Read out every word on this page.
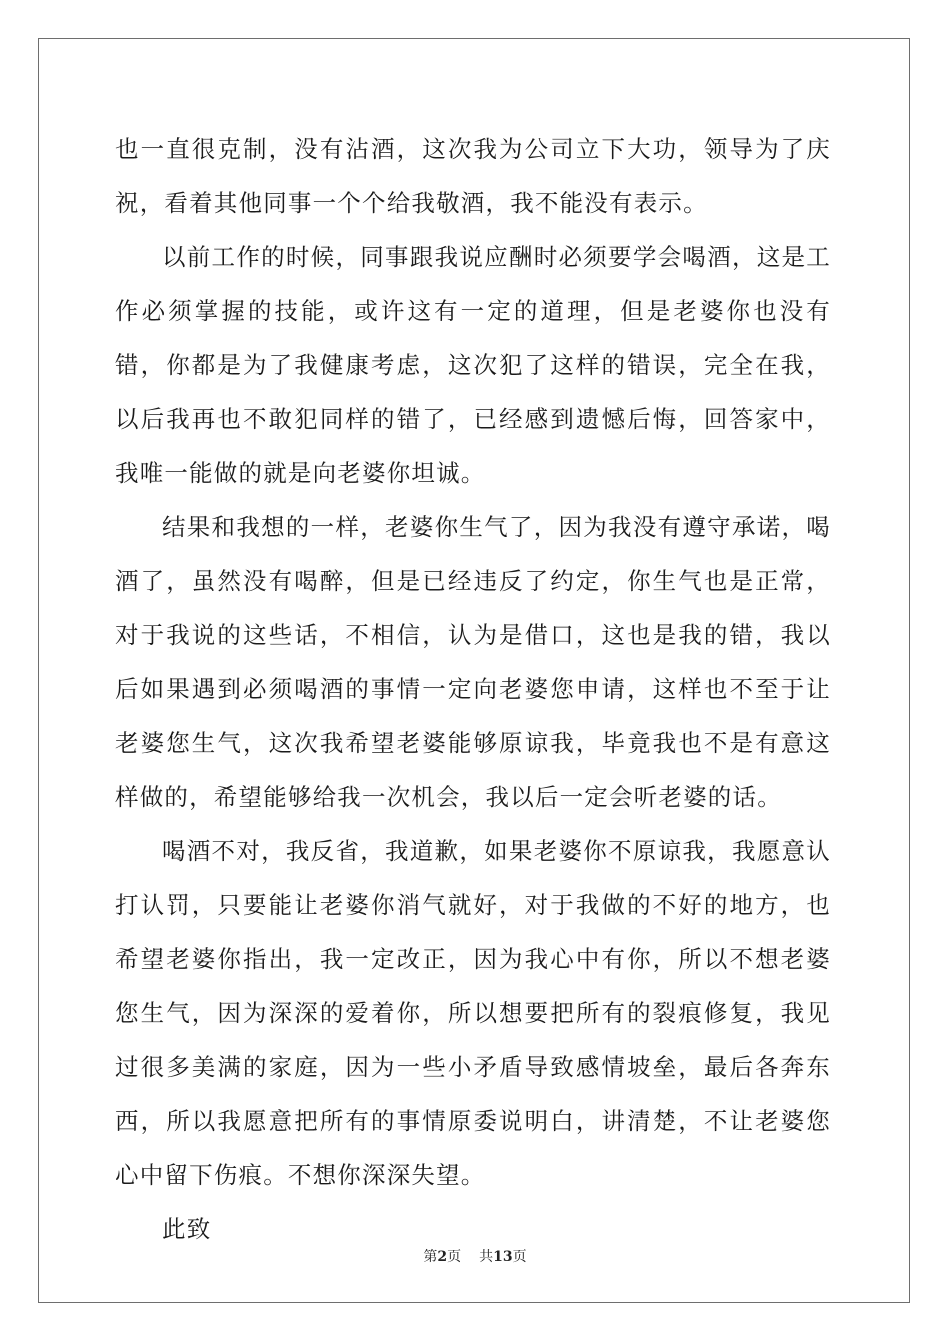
也一直很克制，没有沾酒，这次我为公司立下大功，领导为了庆祝，看着其他同事一个个给我敬酒，我不能没有表示。

以前工作的时候，同事跟我说应酬时必须要学会喝酒，这是工作必须掌握的技能，或许这有一定的道理，但是老婆你也没有错，你都是为了我健康考虑，这次犯了这样的错误，完全在我，以后我再也不敢犯同样的错了，已经感到遗憾后悔，回答家中，我唯一能做的就是向老婆你坦诚。

结果和我想的一样，老婆你生气了，因为我没有遵守承诺，喝酒了，虽然没有喝醉，但是已经违反了约定，你生气也是正常，对于我说的这些话，不相信，认为是借口，这也是我的错，我以后如果遇到必须喝酒的事情一定向老婆您申请，这样也不至于让老婆您生气，这次我希望老婆能够原谅我，毕竟我也不是有意这样做的，希望能够给我一次机会，我以后一定会听老婆的话。

喝酒不对，我反省，我道歉，如果老婆你不原谅我，我愿意认打认罚，只要能让老婆你消气就好，对于我做的不好的地方，也希望老婆你指出，我一定改正，因为我心中有你，所以不想老婆您生气，因为深深的爱着你，所以想要把所有的裂痕修复，我见过很多美满的家庭，因为一些小矛盾导致感情坡垒，最后各奔东西，所以我愿意把所有的事情原委说明白，讲清楚，不让老婆您心中留下伤痕。不想你深深失望。

此致

第2页 共13页
